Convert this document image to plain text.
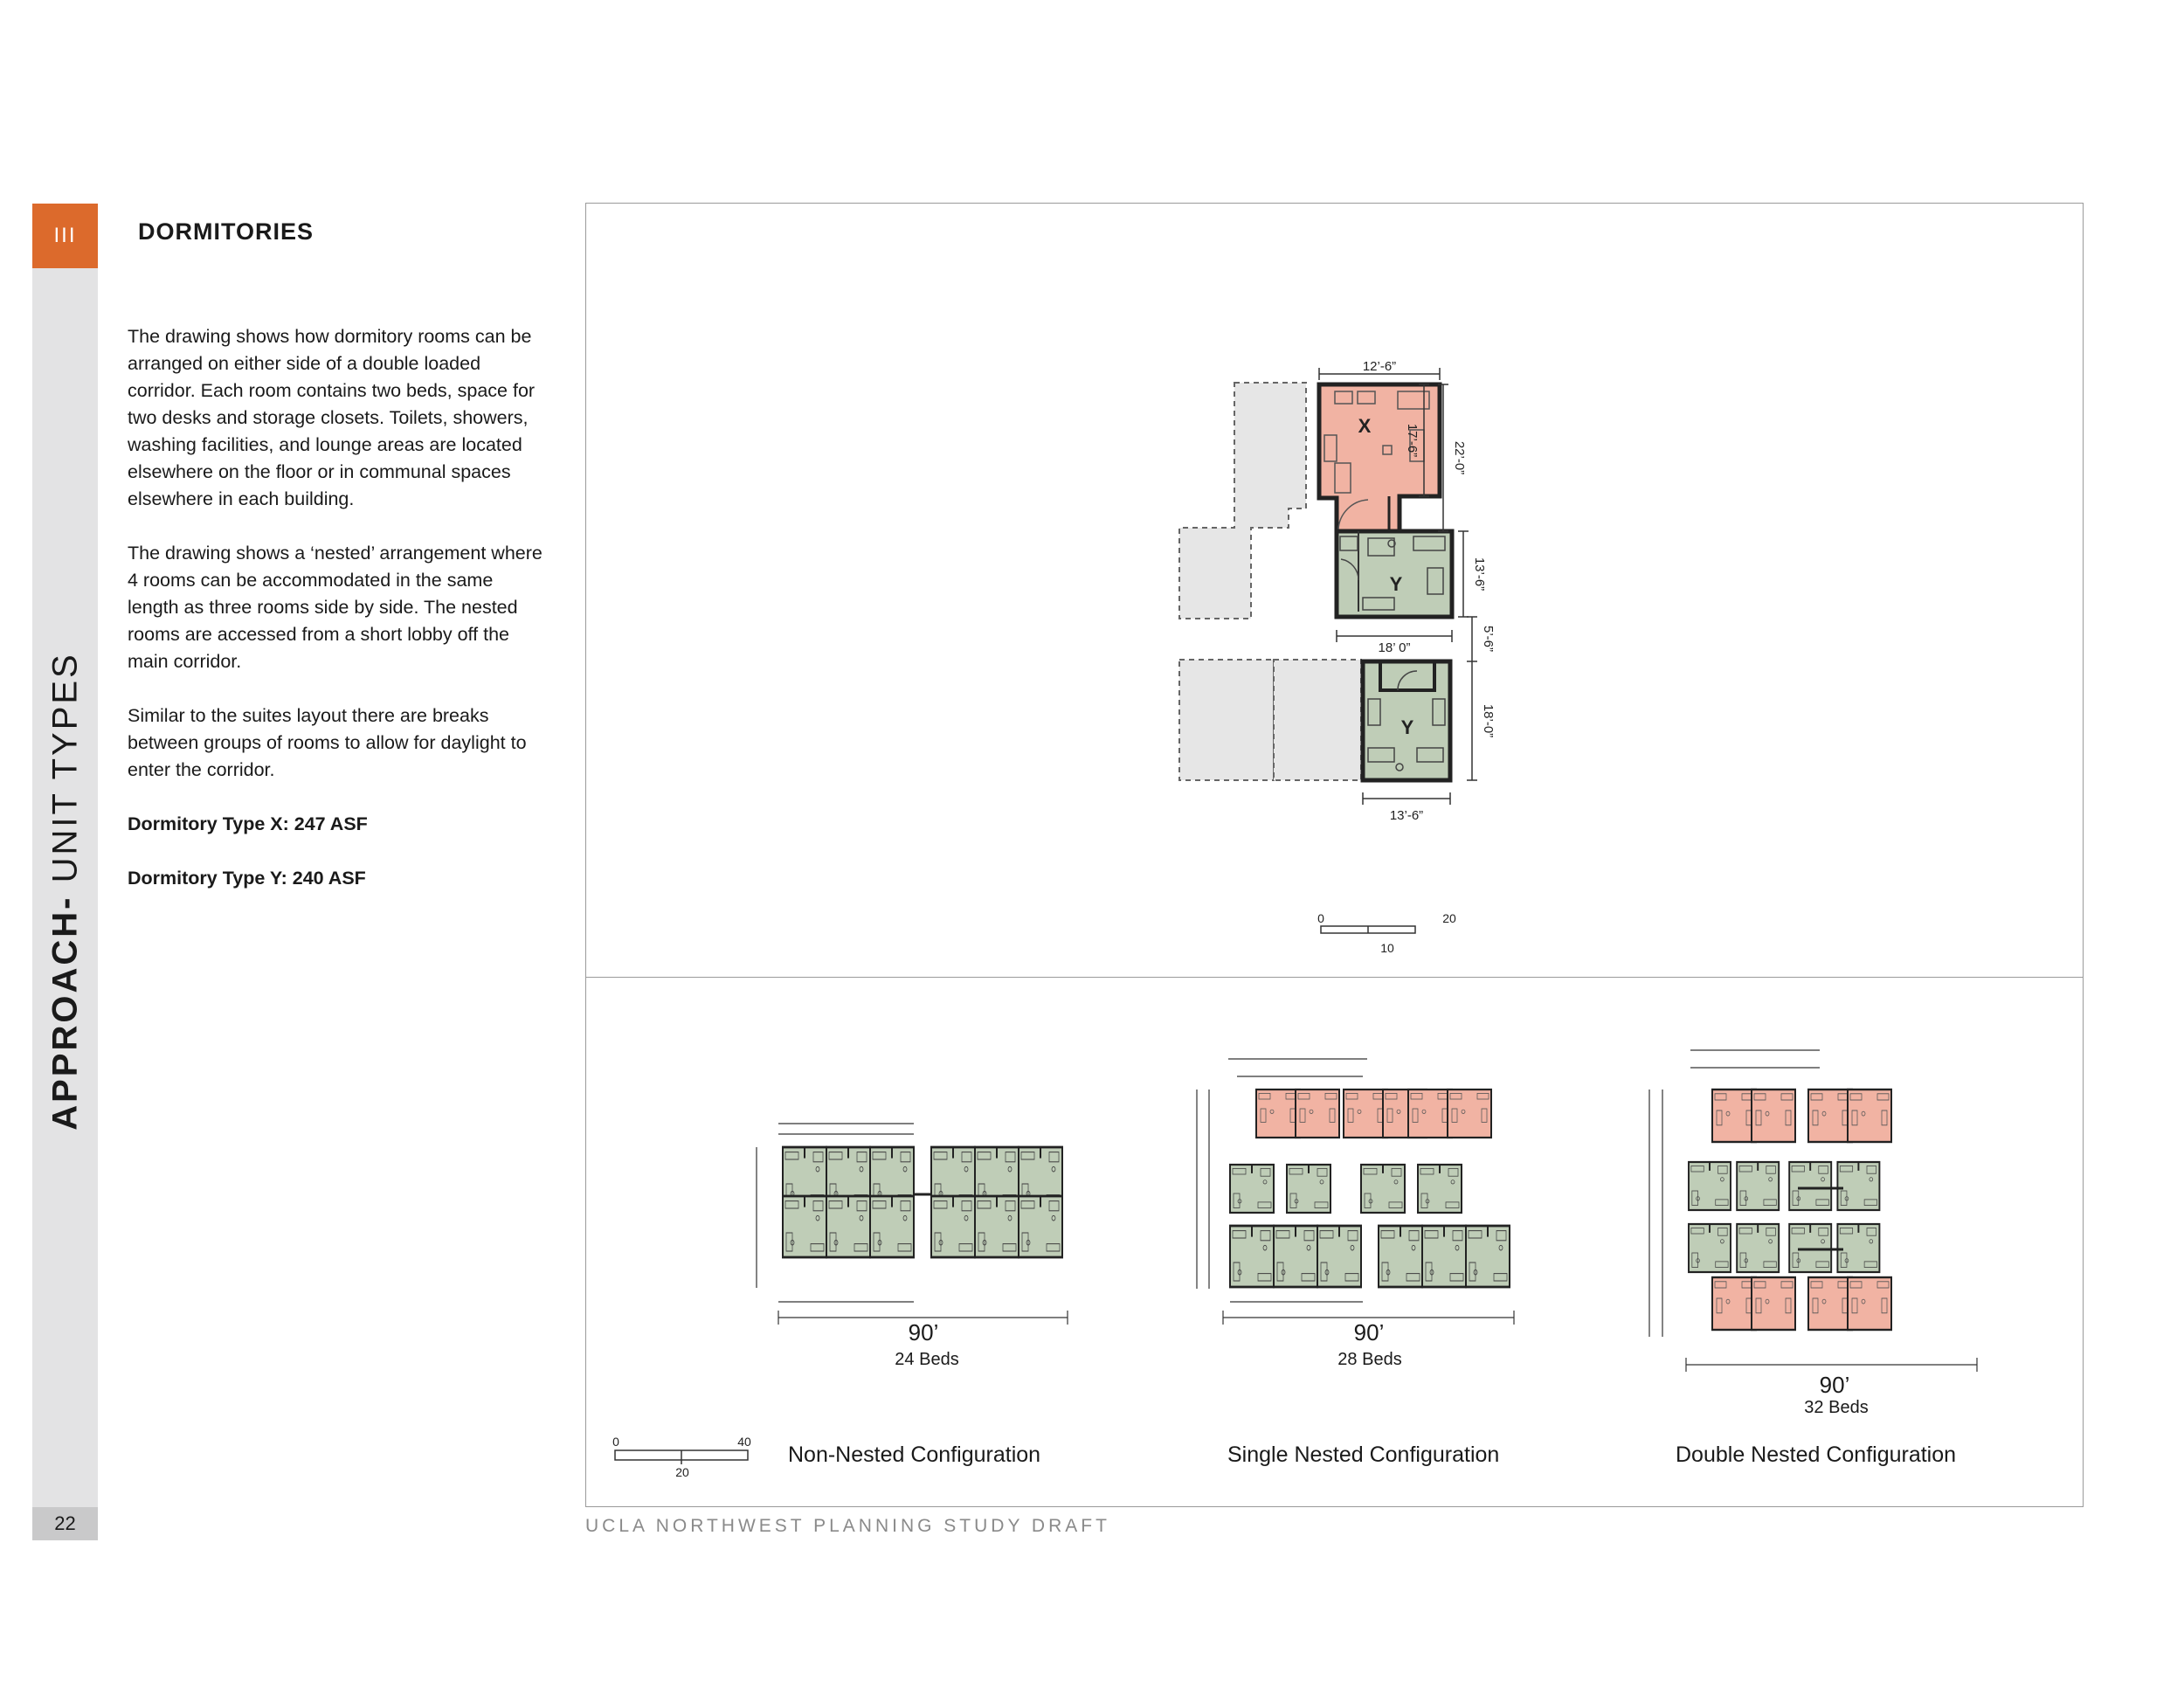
III
APPROACH- UNIT TYPES
22
DORMITORIES

The drawing shows how dormitory rooms can be arranged on either side of a double loaded corridor. Each room contains two beds, space for two desks and storage closets. Toilets, showers, washing facilities, and lounge areas are located elsewhere on the floor or in communal spaces elsewhere in each building.

The drawing shows a ‘nested’ arrangement where 4 rooms can be accommodated in the same length as three rooms side by side. The nested rooms are accessed from a short lobby off the main corridor.

Similar to the suites layout there are breaks between groups of rooms to allow for daylight to enter the corridor.

Dormitory Type X: 247 ASF

Dormitory Type Y: 240 ASF

12’-6”
17’-6”
22’-0”
13’-6”
18’ 0”	5’-6”
18’-0”
13’-6”
X
Y
Y
0	20
10
0	40
20
90’
24 Beds
Non-Nested Configuration
90’
28 Beds
Single Nested Configuration
90’
32 Beds
Double Nested Configuration
UCLA NORTHWEST PLANNING STUDY DRAFT
